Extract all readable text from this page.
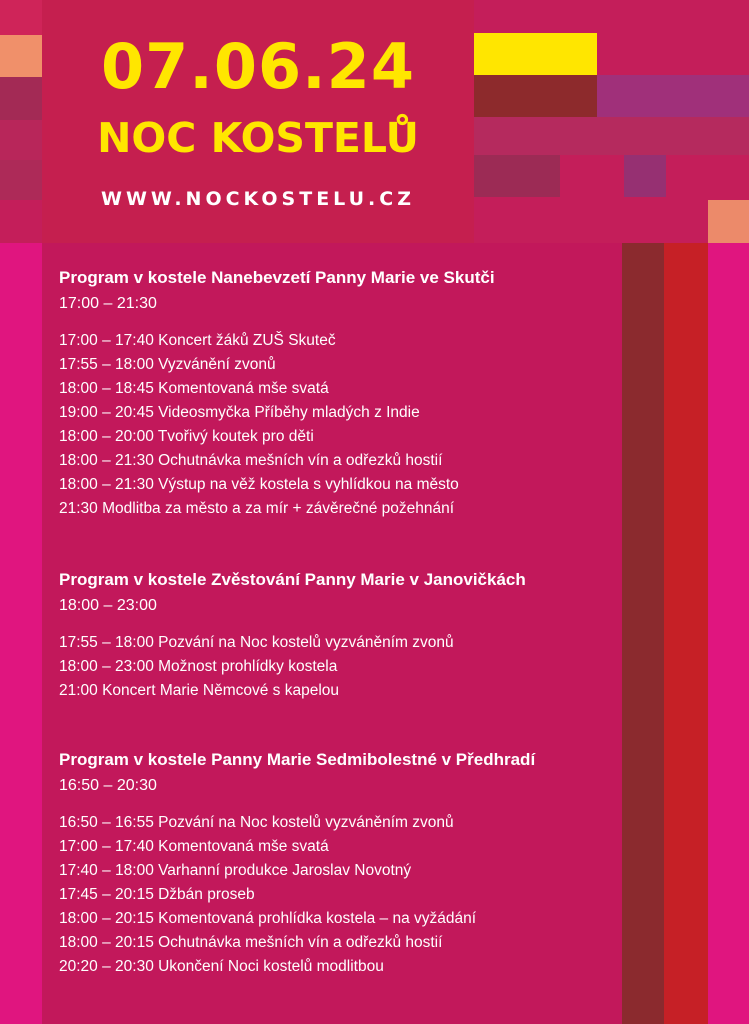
07.06.24
NOC KOSTELŮ
WWW.NOCKOSTELU.CZ
Program v kostele Nanebevzetí Panny Marie ve Skutči
17:00 – 21:30
17:00 – 17:40 Koncert žáků ZUŠ Skuteč
17:55 – 18:00 Vyzvánění zvonů
18:00 – 18:45 Komentovaná mše svatá
19:00 – 20:45 Videosmyčka Příběhy mladých z Indie
18:00 – 20:00 Tvořivý koutek pro děti
18:00 – 21:30 Ochutnávka mešních vín a odřezků hostií
18:00 – 21:30 Výstup na věž kostela s vyhlídkou na město
21:30 Modlitba za město a za mír + závěrečné požehnání
Program v kostele Zvěstování Panny Marie v Janovičkách
18:00 – 23:00
17:55 – 18:00 Pozvání na Noc kostelů vyzváněním zvonů
18:00 – 23:00 Možnost prohlídky kostela
21:00 Koncert Marie Němcové s kapelou
Program v kostele Panny Marie Sedmibolestné v Předhradí
16:50 – 20:30
16:50 – 16:55 Pozvání na Noc kostelů vyzváněním zvonů
17:00 – 17:40 Komentovaná mše svatá
17:40 – 18:00 Varhanní produkce Jaroslav Novotný
17:45 – 20:15 Džbán proseb
18:00 – 20:15 Komentovaná prohlídka kostela – na vyžádání
18:00 – 20:15 Ochutnávka mešních vín a odřezků hostií
20:20 – 20:30 Ukončení Noci kostelů modlitbou
